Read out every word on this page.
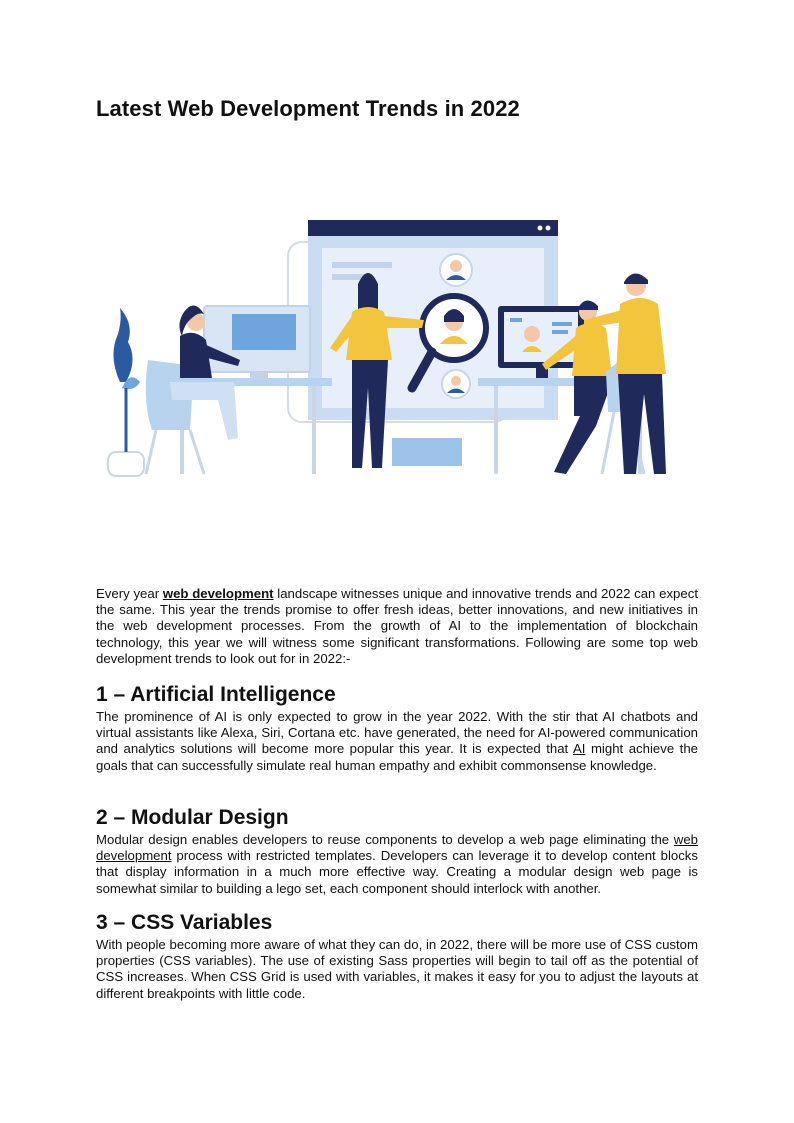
Latest Web Development Trends in 2022

Every year web development landscape witnesses unique and innovative trends and 2022 can expect the same. This year the trends promise to offer fresh ideas, better innovations, and new initiatives in the web development processes. From the growth of AI to the implementation of blockchain technology, this year we will witness some significant transformations. Following are some top web development trends to look out for in 2022:-

1 – Artificial Intelligence

The prominence of AI is only expected to grow in the year 2022. With the stir that AI chatbots and virtual assistants like Alexa, Siri, Cortana etc. have generated, the need for AI-powered communication and analytics solutions will become more popular this year. It is expected that AI might achieve the goals that can successfully simulate real human empathy and exhibit commonsense knowledge.

2 – Modular Design

Modular design enables developers to reuse components to develop a web page eliminating the web development process with restricted templates. Developers can leverage it to develop content blocks that display information in a much more effective way. Creating a modular design web page is somewhat similar to building a lego set, each component should interlock with another.

3 – CSS Variables

With people becoming more aware of what they can do, in 2022, there will be more use of CSS custom properties (CSS variables). The use of existing Sass properties will begin to tail off as the potential of CSS increases. When CSS Grid is used with variables, it makes it easy for you to adjust the layouts at different breakpoints with little code.
